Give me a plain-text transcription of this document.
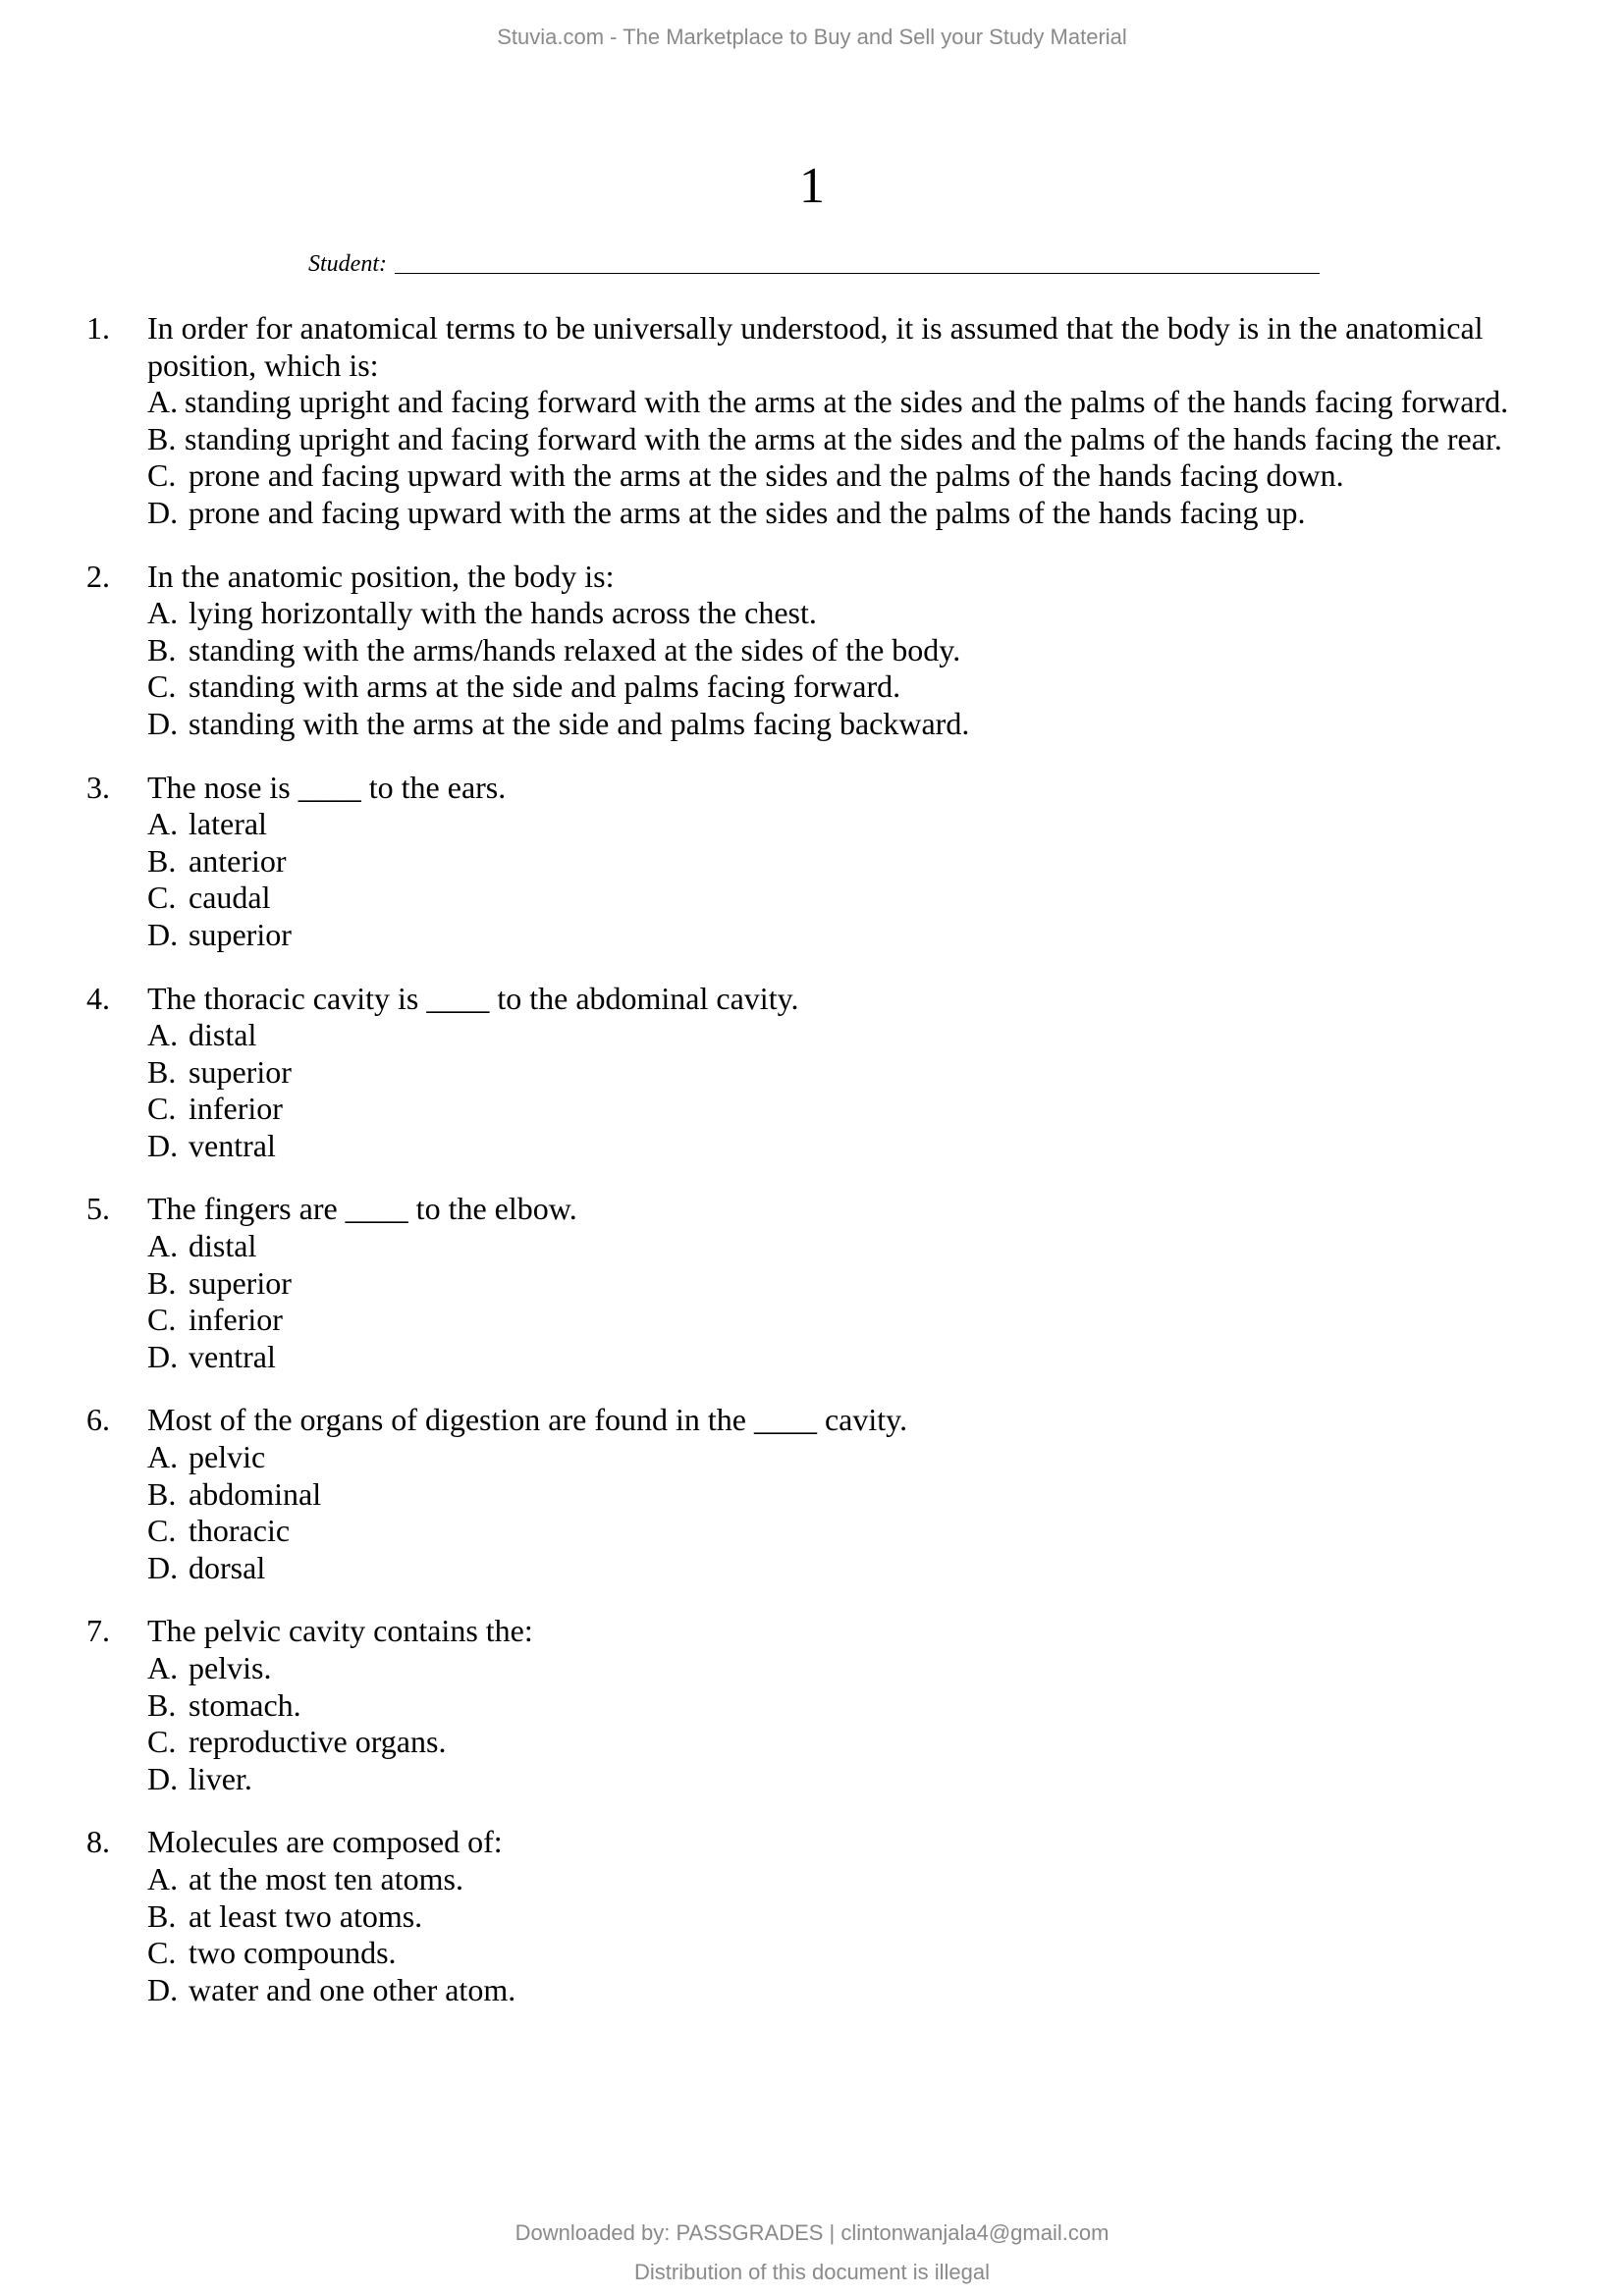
Stuvia.com - The Marketplace to Buy and Sell your Study Material
1
Student:
1.	In order for anatomical terms to be universally understood, it is assumed that the body is in the anatomical position, which is:
A. standing upright and facing forward with the arms at the sides and the palms of the hands facing forward.
B. standing upright and facing forward with the arms at the sides and the palms of the hands facing the rear.
C. prone and facing upward with the arms at the sides and the palms of the hands facing down.
D. prone and facing upward with the arms at the sides and the palms of the hands facing up.
2.	In the anatomic position, the body is:
A. lying horizontally with the hands across the chest.
B. standing with the arms/hands relaxed at the sides of the body.
C. standing with arms at the side and palms facing forward.
D. standing with the arms at the side and palms facing backward.
3.	The nose is ____ to the ears.
A. lateral
B. anterior
C. caudal
D. superior
4.	The thoracic cavity is ____ to the abdominal cavity.
A. distal
B. superior
C. inferior
D. ventral
5.	The fingers are ____ to the elbow.
A. distal
B. superior
C. inferior
D. ventral
6.	Most of the organs of digestion are found in the ____ cavity.
A. pelvic
B. abdominal
C. thoracic
D. dorsal
7.	The pelvic cavity contains the:
A. pelvis.
B. stomach.
C. reproductive organs.
D. liver.
8.	Molecules are composed of:
A. at the most ten atoms.
B. at least two atoms.
C. two compounds.
D. water and one other atom.
Downloaded by: PASSGRADES | clintonwanjala4@gmail.com
Distribution of this document is illegal
